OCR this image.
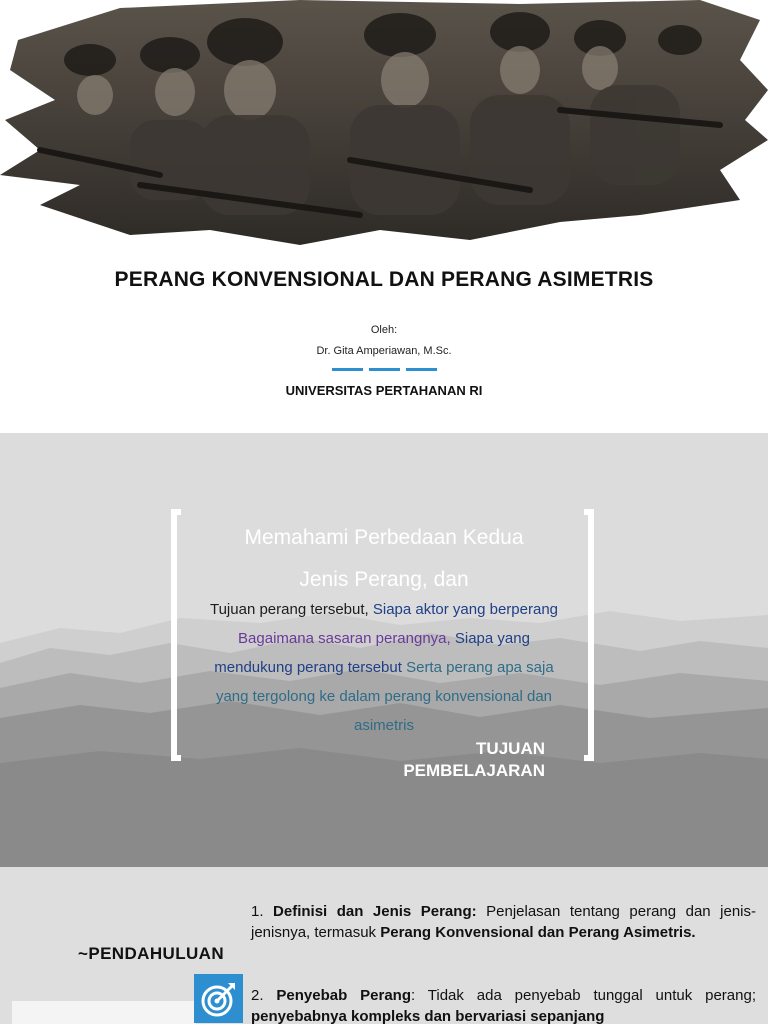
PERANG KONVENSIONAL DAN PERANG ASIMETRIS
Oleh:
Dr. Gita Amperiawan, M.Sc.
UNIVERSITAS PERTAHANAN RI
Memahami Perbedaan Kedua
Jenis Perang, dan
Tujuan perang tersebut, Siapa aktor yang berperang Bagaimana sasaran perangnya, Siapa yang mendukung perang tersebut Serta perang apa saja yang tergolong ke dalam perang konvensional dan asimetris
TUJUAN
PEMBELAJARAN
~PENDAHULUAN
1. Definisi dan Jenis Perang: Penjelasan tentang perang dan jenis-jenisnya, termasuk Perang Konvensional dan Perang Asimetris.
2. Penyebab Perang: Tidak ada penyebab tunggal untuk perang; penyebabnya kompleks dan bervariasi sepanjang
